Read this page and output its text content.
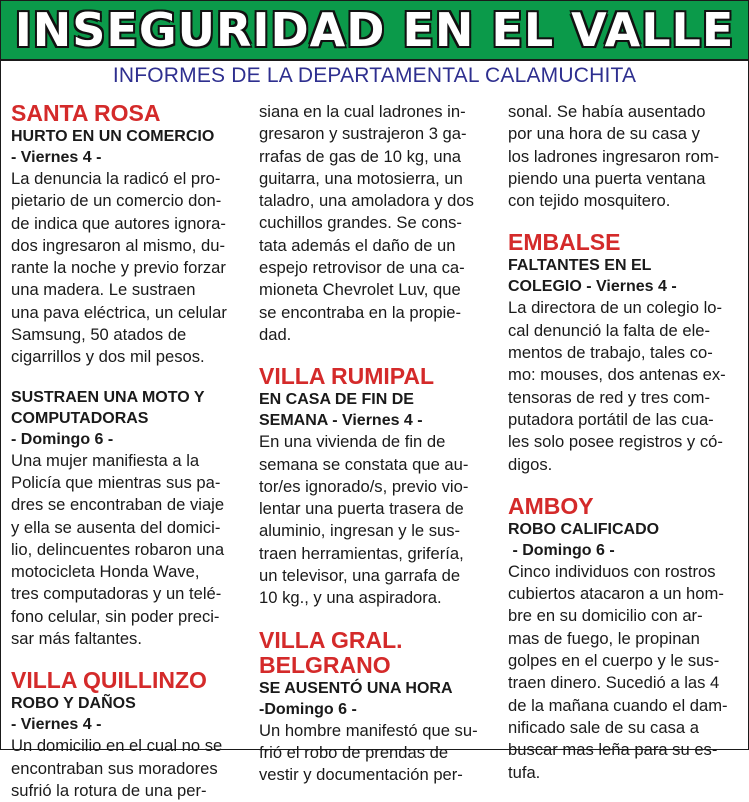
INSEGURIDAD EN EL VALLE
INFORMES DE LA DEPARTAMENTAL CALAMUCHITA
SANTA ROSA
HURTO EN UN COMERCIO
- Viernes 4 -
La denuncia la radicó el pro-
pietario de un comercio don-
de indica que autores ignora-
dos ingresaron al mismo, du-
rante la noche y previo forzar
una madera. Le sustraen
una pava eléctrica, un celular
Samsung, 50 atados de
cigarrillos y dos mil pesos.
SUSTRAEN UNA MOTO Y
COMPUTADORAS
- Domingo 6 -
Una mujer manifiesta a la
Policía que mientras sus pa-
dres se encontraban de viaje
y ella se ausenta del domici-
lio, delincuentes robaron una
motocicleta Honda Wave,
tres computadoras y un telé-
fono celular, sin poder preci-
sar más faltantes.
VILLA QUILLINZO
ROBO Y DAÑOS
- Viernes 4 -
Un domicilio en el cual no se
encontraban sus moradores
sufrió la rotura de una per-
siana en la cual ladrones in-
gresaron y sustrajeron 3 ga-
rrafas de gas de 10 kg, una
guitarra, una motosierra, un
taladro, una amoladora y dos
cuchillos grandes. Se cons-
tata además el daño de un
espejo retrovisor de una ca-
mioneta Chevrolet Luv, que
se encontraba en la propie-
dad.
VILLA RUMIPAL
EN CASA DE FIN DE
SEMANA - Viernes 4 -
En una vivienda de fin de
semana se constata que au-
tor/es ignorado/s, previo vio-
lentar una puerta trasera de
aluminio, ingresan y le sus-
traen herramientas, grifería,
un televisor, una garrafa de
10 kg., y una aspiradora.
VILLA GRAL.
BELGRANO
SE AUSENTÓ UNA HORA
-Domingo 6 -
Un hombre manifestó que su-
frió el robo de prendas de
vestir y documentación per-
sonal. Se había ausentado
por una hora de su casa y
los ladrones ingresaron rom-
piendo una puerta ventana
con tejido mosquitero.
EMBALSE
FALTANTES EN EL
COLEGIO - Viernes 4 -
La directora de un colegio lo-
cal denunció la falta de ele-
mentos de trabajo, tales co-
mo: mouses, dos antenas ex-
tensoras de red y tres com-
putadora portátil de las cua-
les solo posee registros y có-
digos.
AMBOY
ROBO CALIFICADO
- Domingo 6 -
Cinco individuos con rostros
cubiertos atacaron a un hom-
bre en su domicilio con ar-
mas de fuego, le propinan
golpes en el cuerpo y le sus-
traen dinero. Sucedió a las 4
de la mañana cuando el dam-
nificado sale de su casa a
buscar mas leña para su es-
tufa.
